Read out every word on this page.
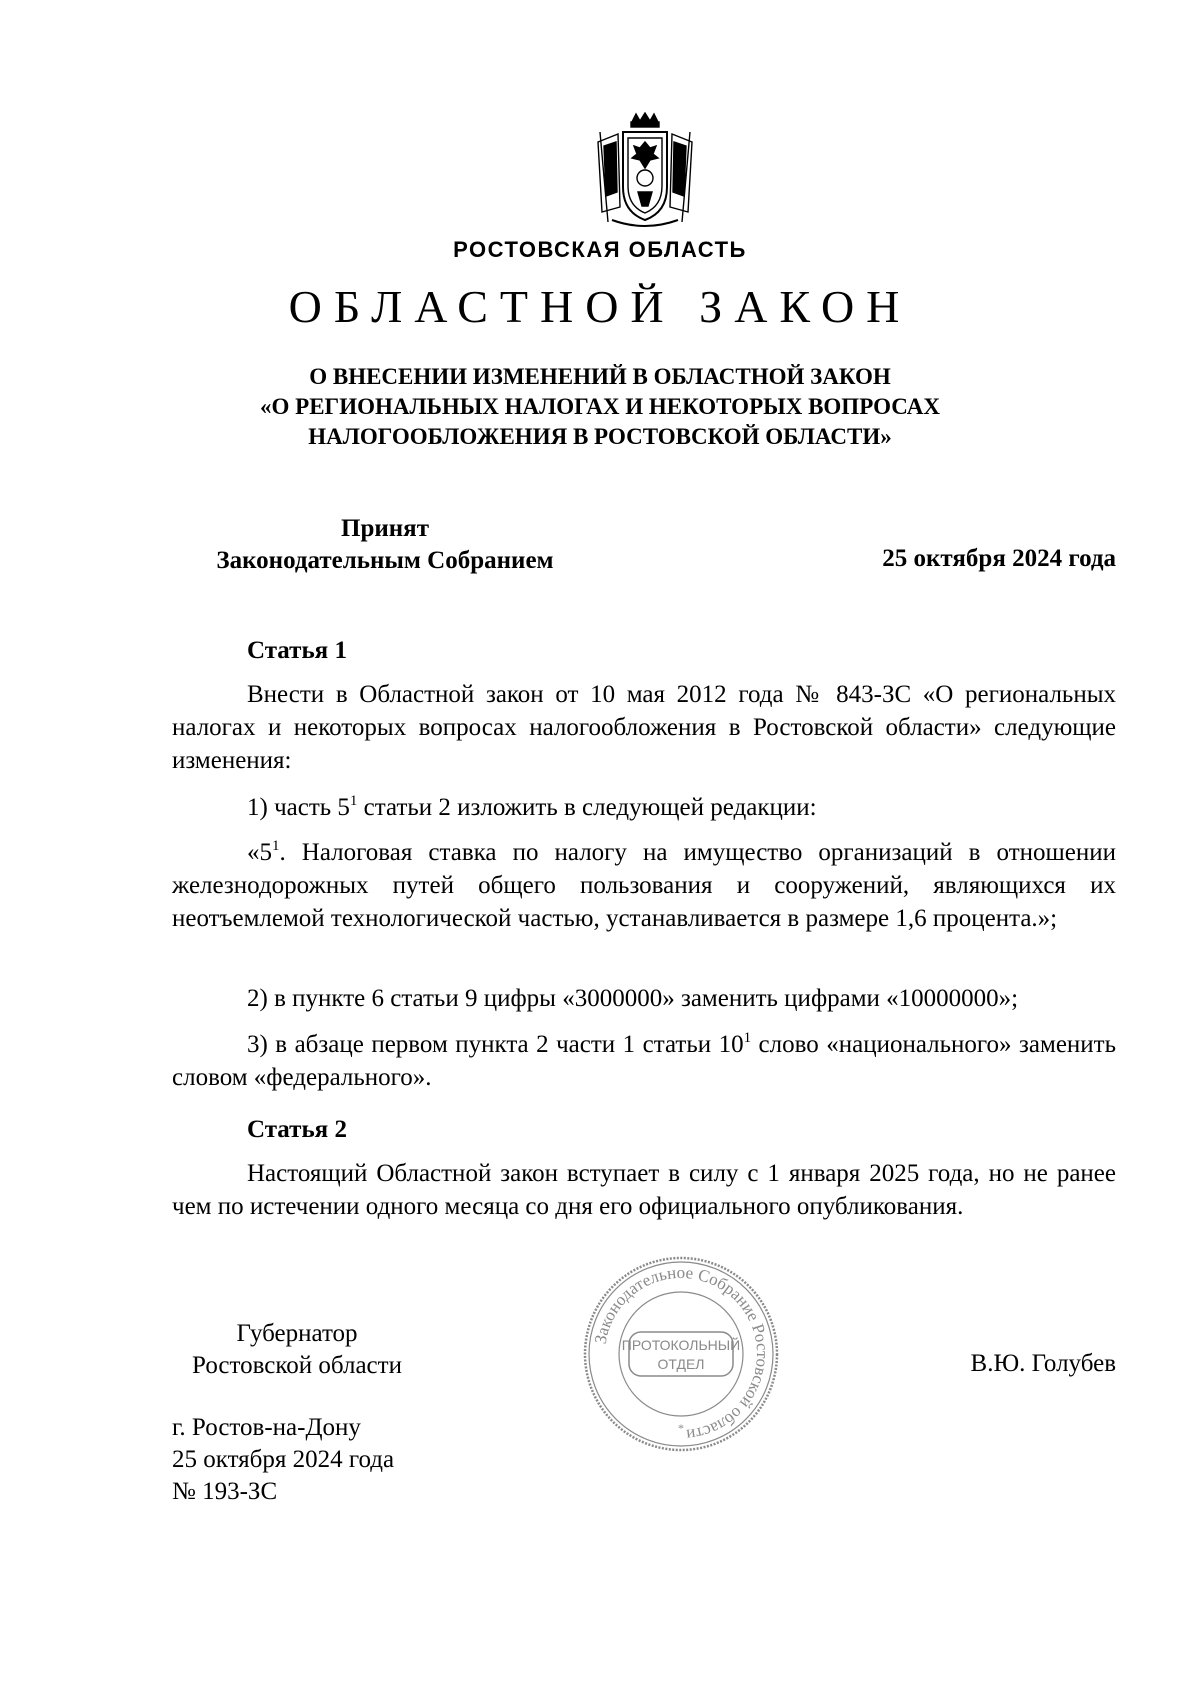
РОСТОВСКАЯ ОБЛАСТЬ
ОБЛАСТНОЙ ЗАКОН
О ВНЕСЕНИИ ИЗМЕНЕНИЙ В ОБЛАСТНОЙ ЗАКОН
«О РЕГИОНАЛЬНЫХ НАЛОГАХ И НЕКОТОРЫХ ВОПРОСАХ
НАЛОГООБЛОЖЕНИЯ В РОСТОВСКОЙ ОБЛАСТИ»
Принят
Законодательным Собранием	25 октября 2024 года
Статья 1
Внести в Областной закон от 10 мая 2012 года № 843-ЗС «О региональных налогах и некоторых вопросах налогообложения в Ростовской области» следующие изменения:
1) часть $5^1$ статьи 2 изложить в следующей редакции:
«$5^1$. Налоговая ставка по налогу на имущество организаций в отношении железнодорожных путей общего пользования и сооружений, являющихся их неотъемлемой технологической частью, устанавливается в размере 1,6 процента.»;
2) в пункте 6 статьи 9 цифры «3000000» заменить цифрами «10000000»;
3) в абзаце первом пункта 2 части 1 статьи $10^1$ слово «национального» заменить словом «федерального».
Статья 2
Настоящий Областной закон вступает в силу с 1 января 2025 года, но не ранее чем по истечении одного месяца со дня его официального опубликования.
Губернатор
Ростовской области	В.Ю. Голубев
г. Ростов-на-Дону
25 октября 2024 года
№ 193-ЗС
Законодательное Собрание Ростовской области
ПРОТОКОЛЬНЫЙ
ОТДЕЛ
*
